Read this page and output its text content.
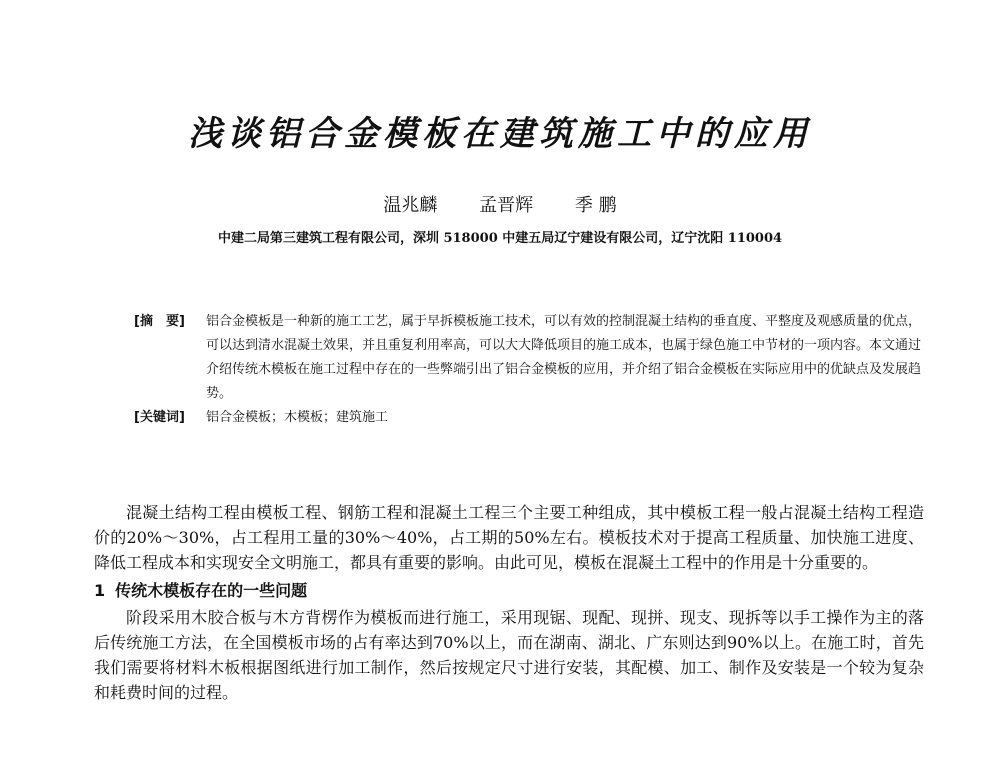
浅谈铝合金模板在建筑施工中的应用
温兆麟 孟晋辉 季 鹏
中建二局第三建筑工程有限公司，深圳 518000 中建五局辽宁建设有限公司，辽宁沈阳 110004
[摘　要]	铝合金模板是一种新的施工工艺，属于早拆模板施工技术，可以有效的控制混凝土结构的垂直度、平整度及观感质量的优点，可以达到清水混凝土效果，并且重复利用率高，可以大大降低项目的施工成本，也属于绿色施工中节材的一项内容。本文通过介绍传统木模板在施工过程中存在的一些弊端引出了铝合金模板的应用，并介绍了铝合金模板在实际应用中的优缺点及发展趋势。
[关键词]	铝合金模板；木模板；建筑施工

混凝土结构工程由模板工程、钢筋工程和混凝土工程三个主要工种组成，其中模板工程一般占混凝土结构工程造价的20%～30%，占工程用工量的30%～40%，占工期的50%左右。模板技术对于提高工程质量、加快施工进度、降低工程成本和实现安全文明施工，都具有重要的影响。由此可见，模板在混凝土工程中的作用是十分重要的。

1 传统木模板存在的一些问题

阶段采用木胶合板与木方背楞作为模板而进行施工，采用现锯、现配、现拼、现支、现拆等以手工操作为主的落后传统施工方法，在全国模板市场的占有率达到70%以上，而在湖南、湖北、广东则达到90%以上。在施工时，首先我们需要将材料木板根据图纸进行加工制作，然后按规定尺寸进行安装，其配模、加工、制作及安装是一个较为复杂和耗费时间的过程。
